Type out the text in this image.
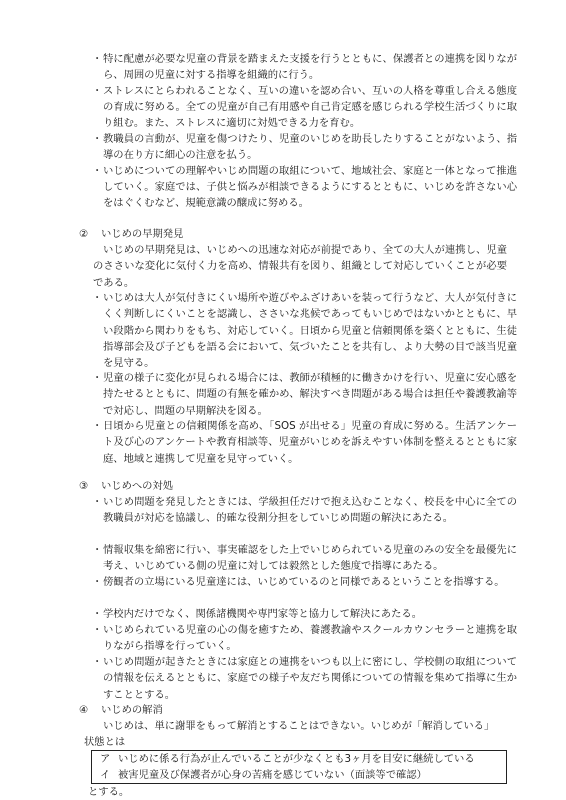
・ 特に配慮が必要な児童の背景を踏まえた支援を行うとともに、保護者との連携を図りながら、周囲の児童に対する指導を組織的に行う。
・ ストレスにとらわれることなく、互いの違いを認め合い、互いの人格を尊重し合える態度の育成に努める。全ての児童が自己有用感や自己肯定感を感じられる学校生活づくりに取り組む。また、ストレスに適切に対処できる力を育む。
・ 教職員の言動が、児童を傷つけたり、児童のいじめを助長したりすることがないよう、指導の在り方に細心の注意を払う。
・ いじめについての理解やいじめ問題の取組について、地域社会、家庭と一体となって推進していく。家庭では、子供と悩みが相談できるようにするとともに、いじめを許さない心をはぐくむなど、規範意識の醸成に努める。
② いじめの早期発見
いじめの早期発見は、いじめへの迅速な対応が前提であり、全ての大人が連携し、児童のささいな変化に気付く力を高め、情報共有を図り、組織として対応していくことが必要である。
・ いじめは大人が気付きにくい場所や遊びやふざけあいを装って行うなど、大人が気付きにくく判断しにくいことを認識し、ささいな兆候であってもいじめではないかとともに、早い段階から関わりをもち、対応していく。日頃から児童と信頼関係を築くとともに、生徒指導部会及び子どもを語る会において、気づいたことを共有し、より大勢の目で該当児童を見守る。
・ 児童の様子に変化が見られる場合には、教師が積極的に働きかけを行い、児童に安心感を持たせるとともに、問題の有無を確かめ、解決すべき問題がある場合は担任や養護教諭等で対応し、問題の早期解決を図る。
・ 日頃から児童との信頼関係を高め、「SOS が出せる」児童の育成に努める。生活アンケート及び心のアンケートや教育相談等、児童がいじめを訴えやすい体制を整えるとともに家庭、地域と連携して児童を見守っていく。
③ いじめへの対処
・ いじめ問題を発見したときには、学級担任だけで抱え込むことなく、校長を中心に全ての教職員が対応を協議し、的確な役割分担をしていじめ問題の解決にあたる。
・ 情報収集を綿密に行い、事実確認をした上でいじめられている児童のみの安全を最優先に考え、いじめている側の児童に対しては毅然とした態度で指導にあたる。
・ 傍観者の立場にいる児童達には、いじめているのと同様であるということを指導する。
・ 学校内だけでなく、関係諸機関や専門家等と協力して解決にあたる。
・ いじめられている児童の心の傷を癒すため、養護教諭やスクールカウンセラーと連携を取りながら指導を行っていく。
・ いじめ問題が起きたときには家庭との連携をいつも以上に密にし、学校側の取組についての情報を伝えるとともに、家庭での様子や友だち関係についての情報を集めて指導に生かすこととする。
④ いじめの解消
いじめは、単に謝罪をもって解消とすることはできない。いじめが「解消している」
状態とは
ア いじめに係る行為が止んでいることが少なくとも3ヶ月を目安に継続している
イ 被害児童及び保護者が心身の苦痛を感じていない（面談等で確認）
とする。
